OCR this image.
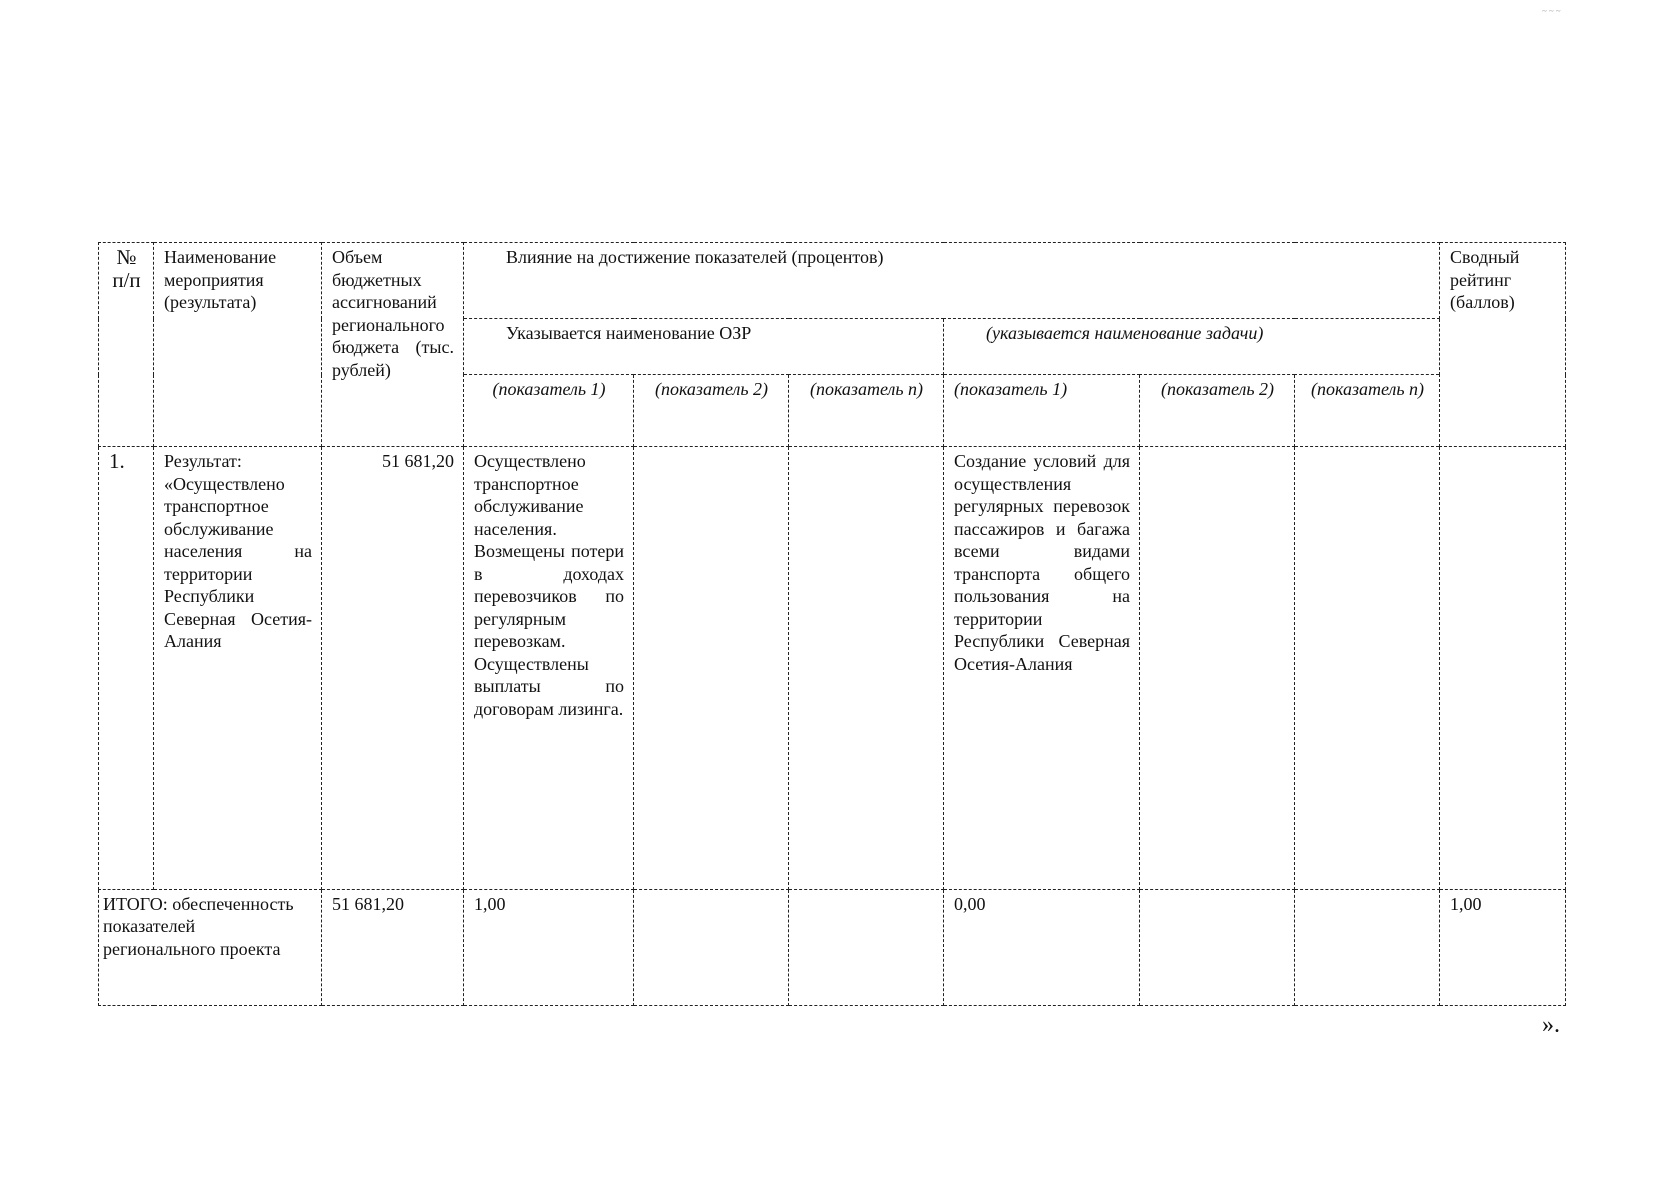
~~~
№ п/п	Наименование мероприятия (результата)	Объем бюджетных ассигнований регионального бюджета (тыс. рублей)	Влияние на достижение показателей (процентов)						Сводный рейтинг (баллов)
			Указывается наименование ОЗР			(указывается наименование задачи)			
			(показатель 1)	(показатель 2)	(показатель n)	(показатель 1)	(показатель 2)	(показатель n)	
1.	Результат: «Осуществлено транспортное обслуживание населения на территории Республики Северная Осетия-Алания	51 681,20	Осуществлено транспортное обслуживание населения. Возмещены потери в доходах перевозчиков по регулярным перевозкам. Осуществлены выплаты по договорам лизинга.			Создание условий для осуществления регулярных перевозок пассажиров и багажа всеми видами транспорта общего пользования на территории Республики Северная Осетия-Алания			
ИТОГО: обеспеченность показателей регионального проекта		51 681,20	1,00			0,00			1,00
».
